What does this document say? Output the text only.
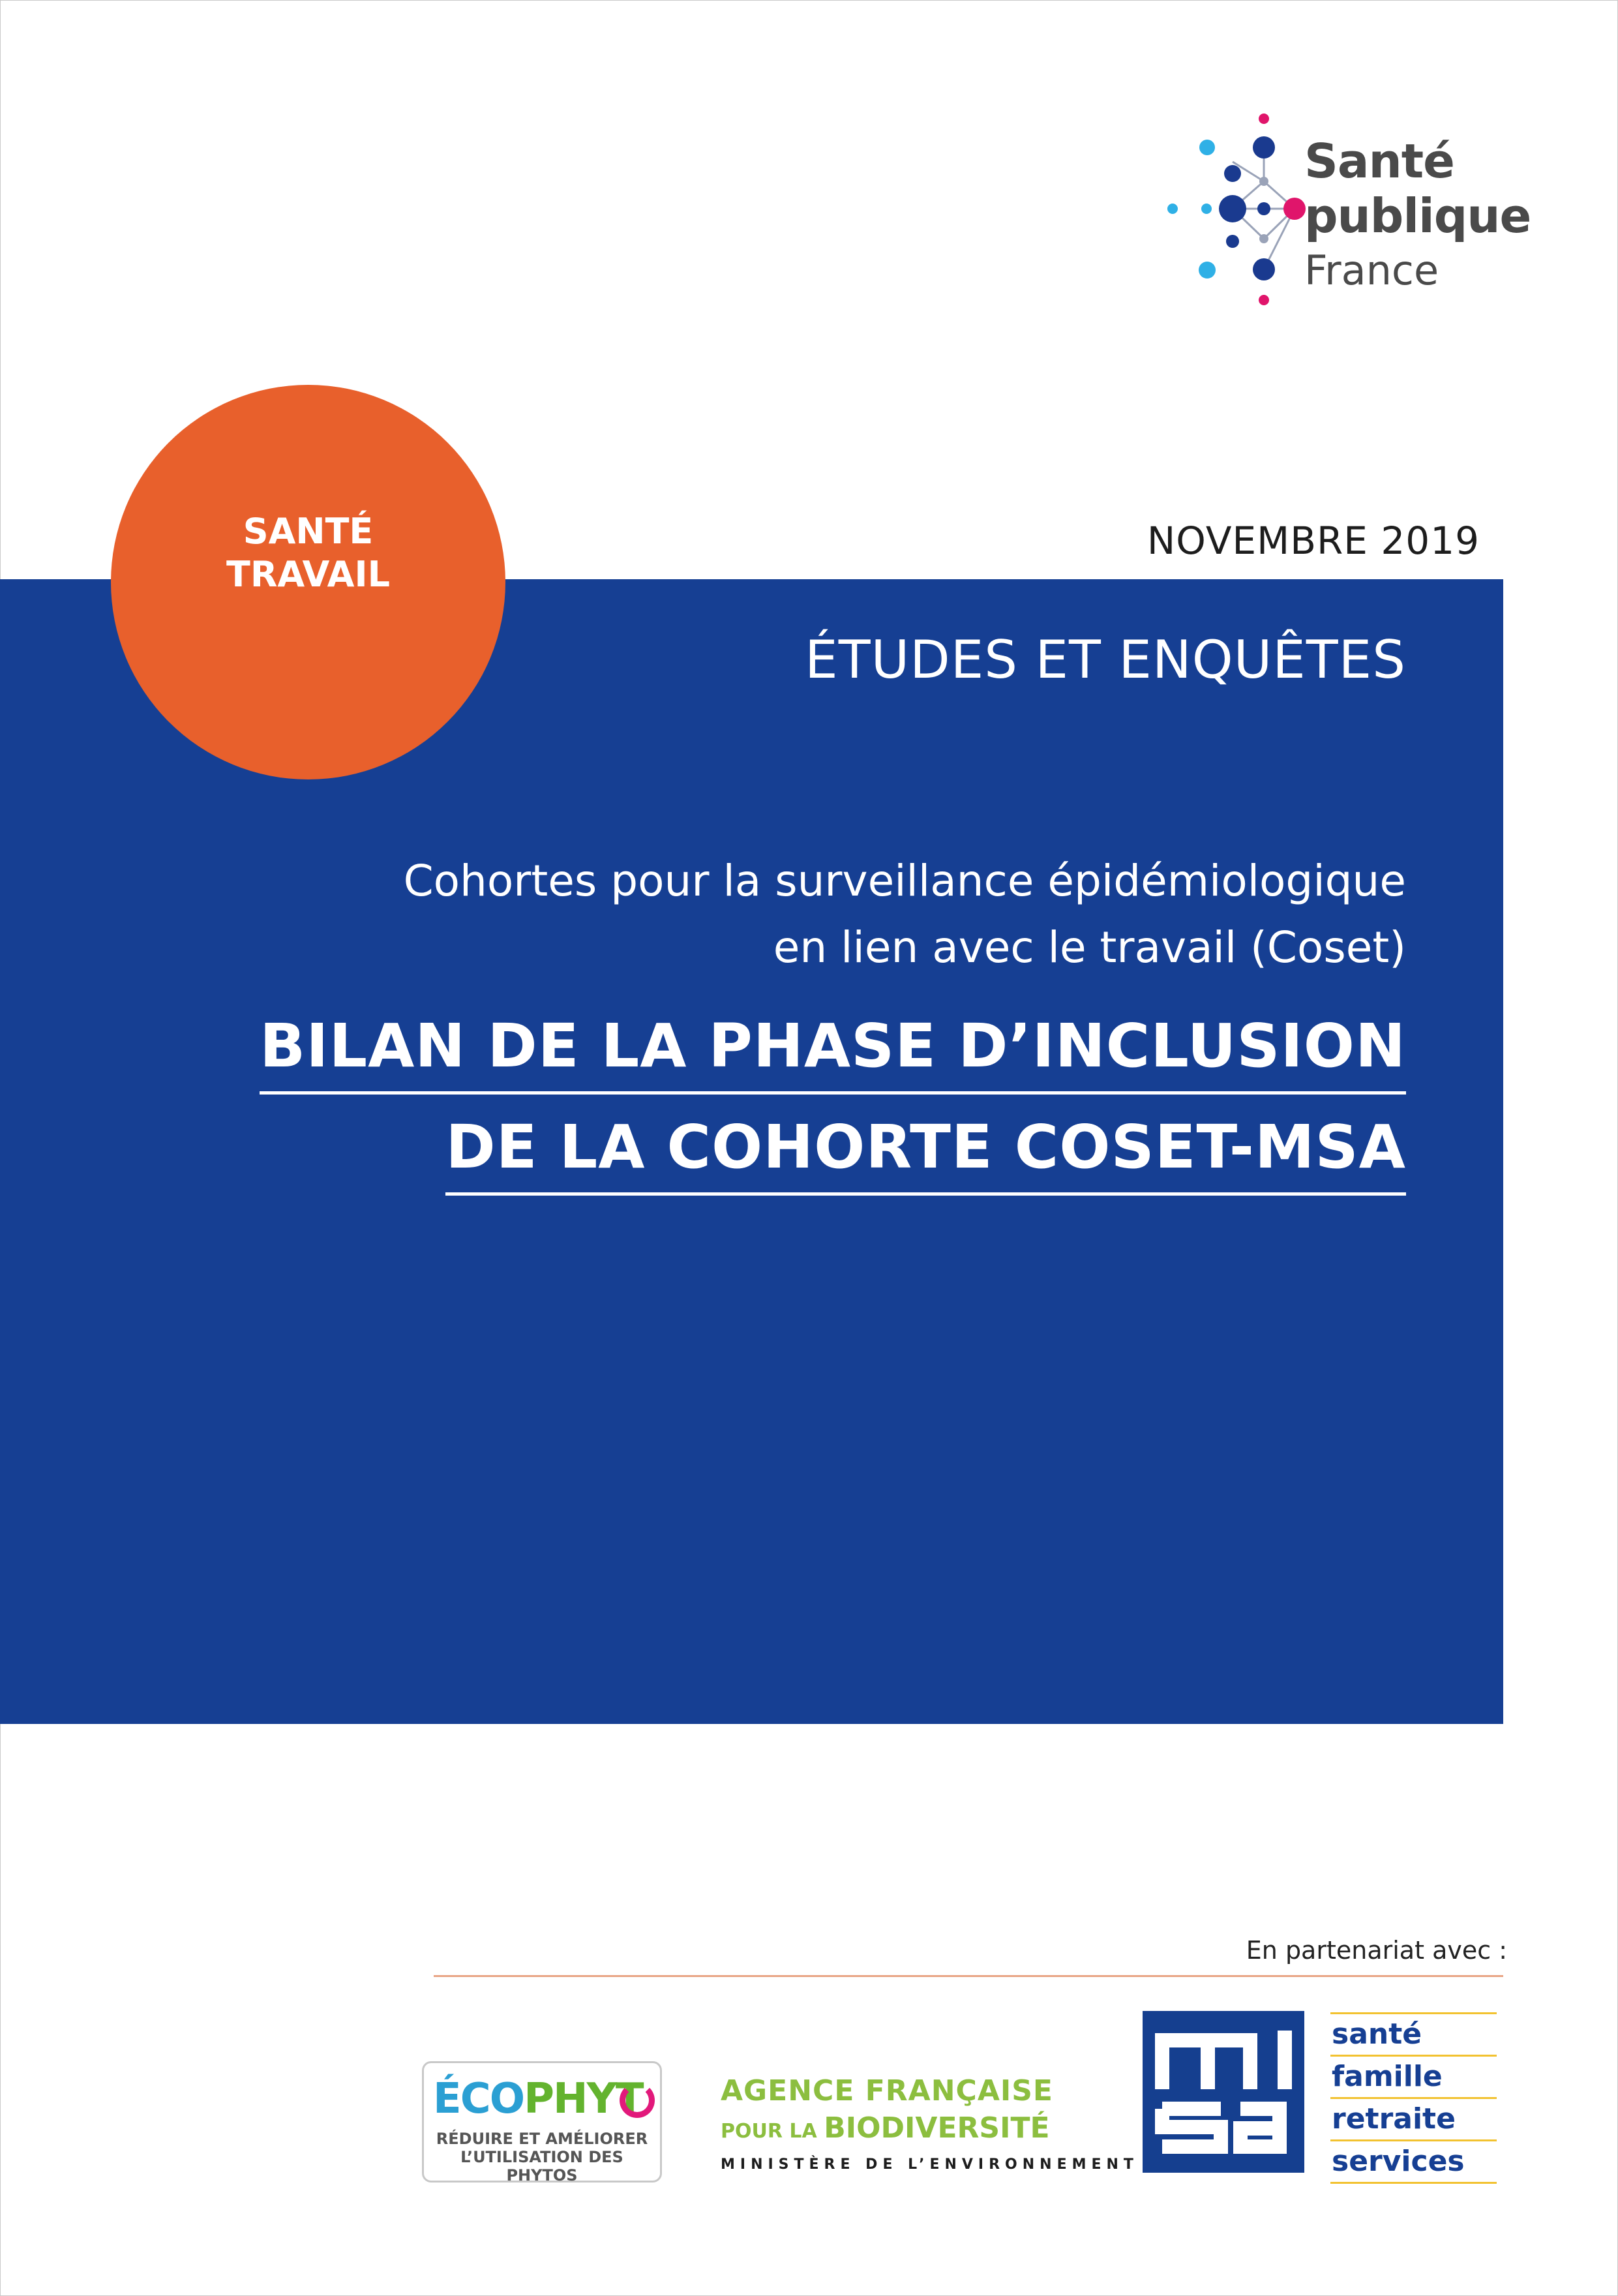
Santé
publique
France
NOVEMBRE 2019
SANTÉ
TRAVAIL
ÉTUDES ET ENQUÊTES
Cohortes pour la surveillance épidémiologique
en lien avec le travail (Coset)
BILAN DE LA PHASE D’INCLUSION
DE LA COHORTE COSET-MSA
En partenariat avec :
ÉCOPHYT
RÉDUIRE ET AMÉLIORER
L’UTILISATION DES PHYTOS
AGENCE FRANÇAISE
POUR LA BIODIVERSITÉ
MINISTÈRE DE L’ENVIRONNEMENT
santé
famille
retraite
services
